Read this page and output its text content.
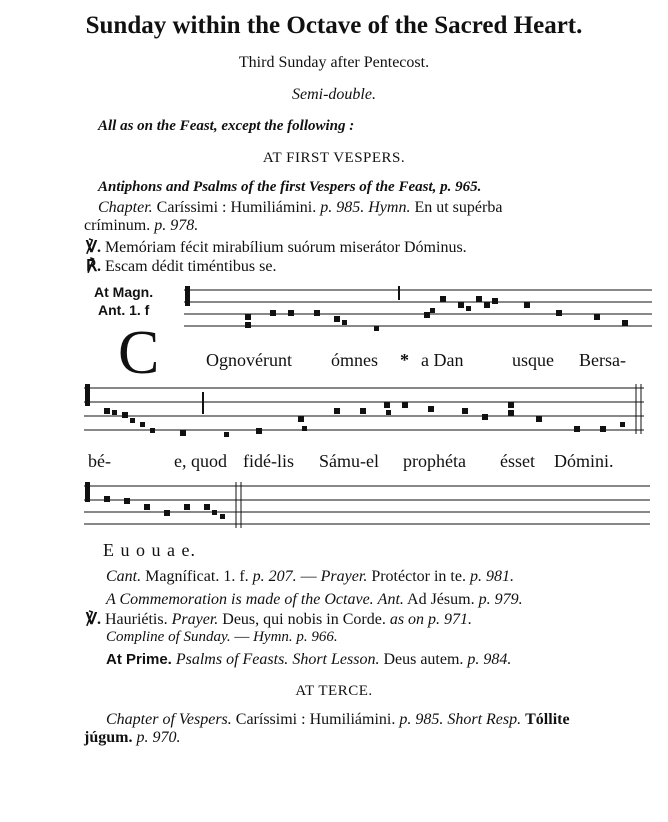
Sunday within the Octave of the Sacred Heart.
Third Sunday after Pentecost.
Semi-double.
All as on the Feast, except the following :
AT FIRST VESPERS.
Antiphons and Psalms of the first Vespers of the Feast, p. 965.
Chapter. Caríssimi : Humiliámini. p. 985. Hymn. En ut supérba
críminum. p. 978.
℣. Memóriam fécit mirabílium suórum miserátor Dóminus.
℟. Escam dédit timéntibus se.
At Magn.
Ant. 1. f
C	Ognovérunt ómnes * a Dan	usque Bersa-
bé-	e, quod fidé-lis Sámu-el prophéta ésset Dómini.
E u o u a e.
Cant. Magníficat. 1. f. p. 207. — Prayer. Protéctor in te. p. 981.
A Commemoration is made of the Octave. Ant. Ad Jésum. p. 979.
℣. Hauriétis. Prayer. Deus, qui nobis in Corde. as on p. 971.
Compline of Sunday. — Hymn. p. 966.
At Prime. Psalms of Feasts. Short Lesson. Deus autem. p. 984.
AT TERCE.
Chapter of Vespers. Caríssimi : Humiliámini. p. 985. Short Resp. Tóllite
júgum. p. 970.
